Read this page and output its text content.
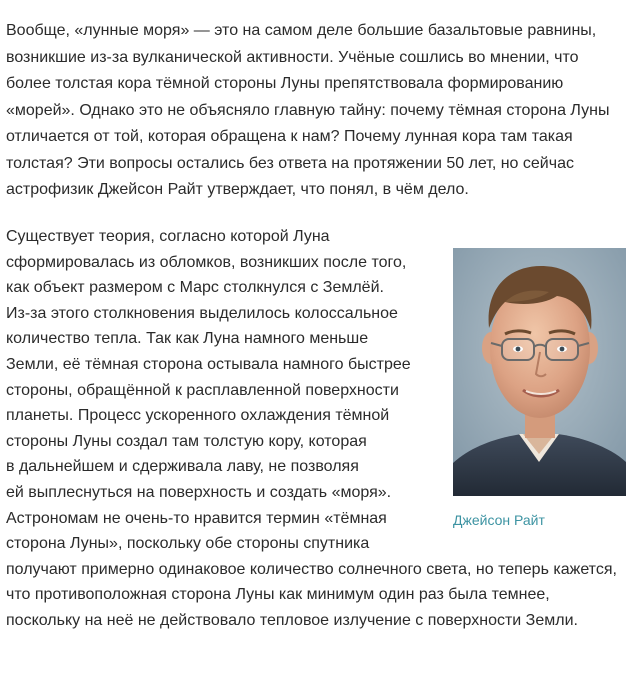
Вообще, «лунные моря» — это на самом деле большие базальтовые равнины, возникшие из-за вулканической активности. Учёные сошлись во мнении, что более толстая кора тёмной стороны Луны препятствовала формированию «морей». Однако это не объясняло главную тайну: почему тёмная сторона Луны отличается от той, которая обращена к нам? Почему лунная кора там такая толстая? Эти вопросы остались без ответа на протяжении 50 лет, но сейчас астрофизик Джейсон Райт утверждает, что понял, в чём дело.

Джейсон Райт

Существует теория, согласно которой Луна
сформировалась из обломков, возникших после того,
как объект размером с Марс столкнулся с Землёй.
Из-за этого столкновения выделилось колоссальное
количество тепла. Так как Луна намного меньше
Земли, её тёмная сторона остывала намного быстрее
стороны, обращённой к расплавленной поверхности
планеты. Процесс ускоренного охлаждения тёмной
стороны Луны создал там толстую кору, которая
в дальнейшем и сдерживала лаву, не позволяя
ей выплеснуться на поверхность и создать «моря».
Астрономам не очень-то нравится термин «тёмная
сторона Луны», поскольку обе стороны спутника
получают примерно одинаковое количество солнечного света, но теперь кажется, что противоположная сторона Луны как минимум один раз была темнее, поскольку на неё не действовало тепловое излучение с поверхности Земли.
